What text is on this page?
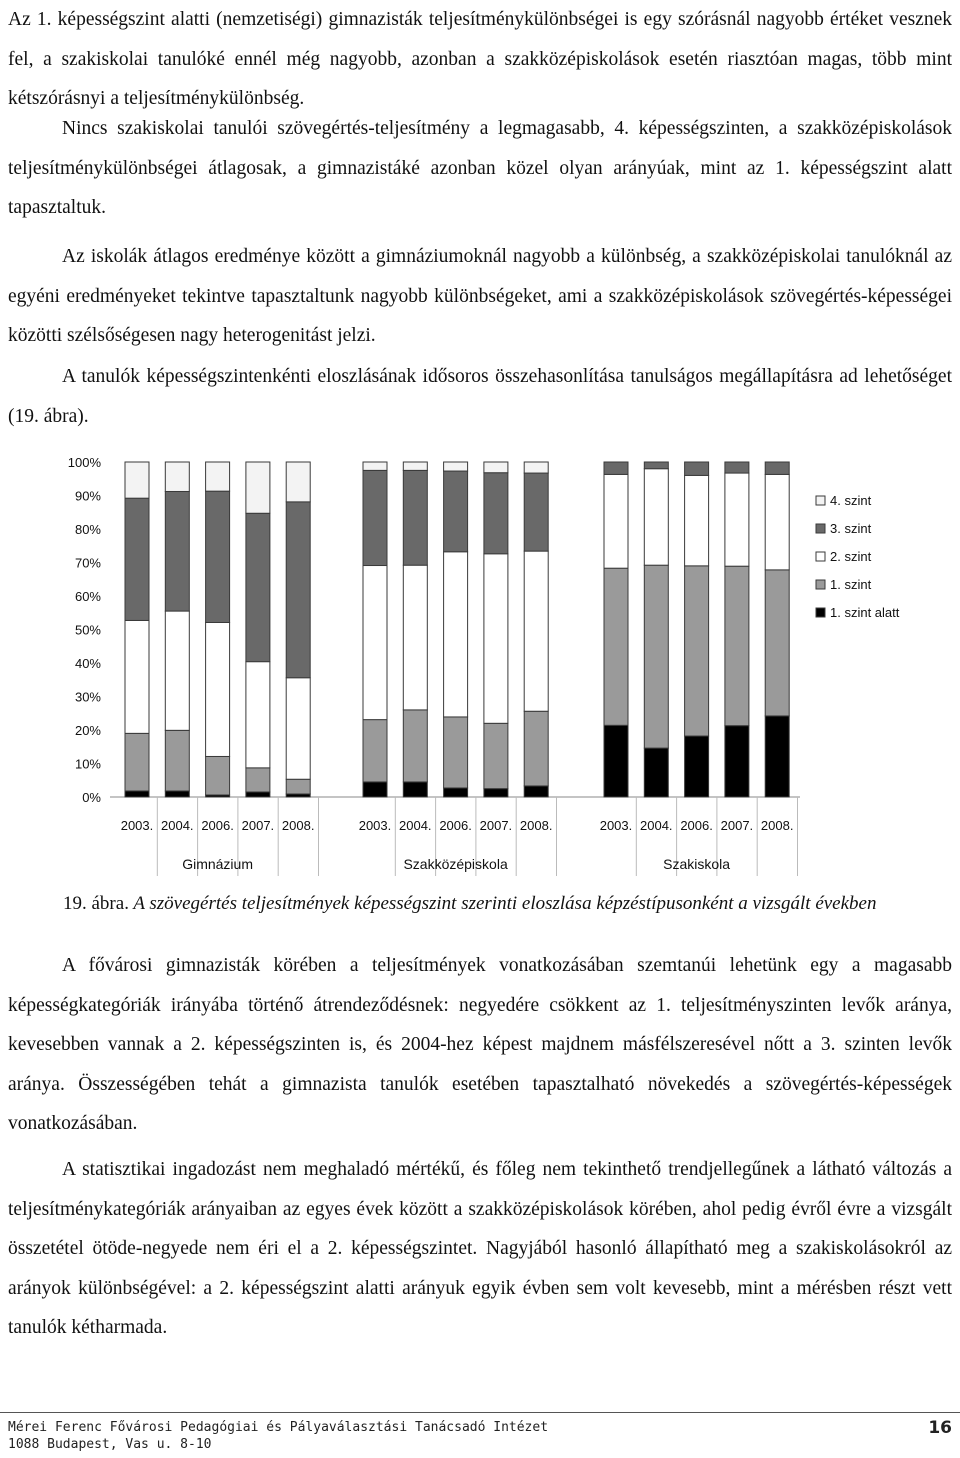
Az 1. képességszint alatti (nemzetiségi) gimnazisták teljesítménykülönbségei is egy szórásnál nagyobb értéket vesznek fel, a szakiskolai tanulóké ennél még nagyobb, azonban a szakközépiskolások esetén riasztóan magas, több mint kétszórásnyi a teljesítménykülönbség.

Nincs szakiskolai tanulói szövegértés-teljesítmény a legmagasabb, 4. képességszinten, a szakközépiskolások teljesítménykülönbségei átlagosak, a gimnazistáké azonban közel olyan arányúak, mint az 1. képességszint alatt tapasztaltuk.

Az iskolák átlagos eredménye között a gimnáziumoknál nagyobb a különbség, a szakközépiskolai tanulóknál az egyéni eredményeket tekintve tapasztaltunk nagyobb különbségeket, ami a szakközépiskolások szövegértés-képességei közötti szélsőségesen nagy heterogenitást jelzi.

A tanulók képességszintenkénti eloszlásának idősoros összehasonlítása tanulságos megállapításra ad lehetőséget (19. ábra).

0%
10%
20%
30%
40%
50%
60%
70%
80%
90%
100%
2003. 2004. 2006. 2007. 2008.
Gimnázium
2003. 2004. 2006. 2007. 2008.
Szakközépiskola
2003. 2004. 2006. 2007. 2008.
Szakiskola
4. szint
3. szint
2. szint
1. szint
1. szint alatt
19. ábra. A szövegértés teljesítmények képességszint szerinti eloszlása képzéstípusonként a vizsgált években

A fővárosi gimnazisták körében a teljesítmények vonatkozásában szemtanúi lehetünk egy a magasabb képességkategóriák irányába történő átrendeződésnek: negyedére csökkent az 1. teljesítményszinten levők aránya, kevesebben vannak a 2. képességszinten is, és 2004-hez képest majdnem másfélszeresével nőtt a 3. szinten levők aránya. Összességében tehát a gimnazista tanulók esetében tapasztalható növekedés a szövegértés-képességek vonatkozásában.

A statisztikai ingadozást nem meghaladó mértékű, és főleg nem tekinthető trendjellegűnek a látható változás a teljesítménykategóriák arányaiban az egyes évek között a szakközépiskolások körében, ahol pedig évről évre a vizsgált összetétel ötöde-negyede nem éri el a 2. képességszintet. Nagyjából hasonló állapítható meg a szakiskolásokról az arányok különbségével: a 2. képességszint alatti arányuk egyik évben sem volt kevesebb, mint a mérésben részt vett tanulók kétharmada.

Mérei Ferenc Fővárosi Pedagógiai és Pályaválasztási Tanácsadó Intézet
1088 Budapest, Vas u. 8-10
16
